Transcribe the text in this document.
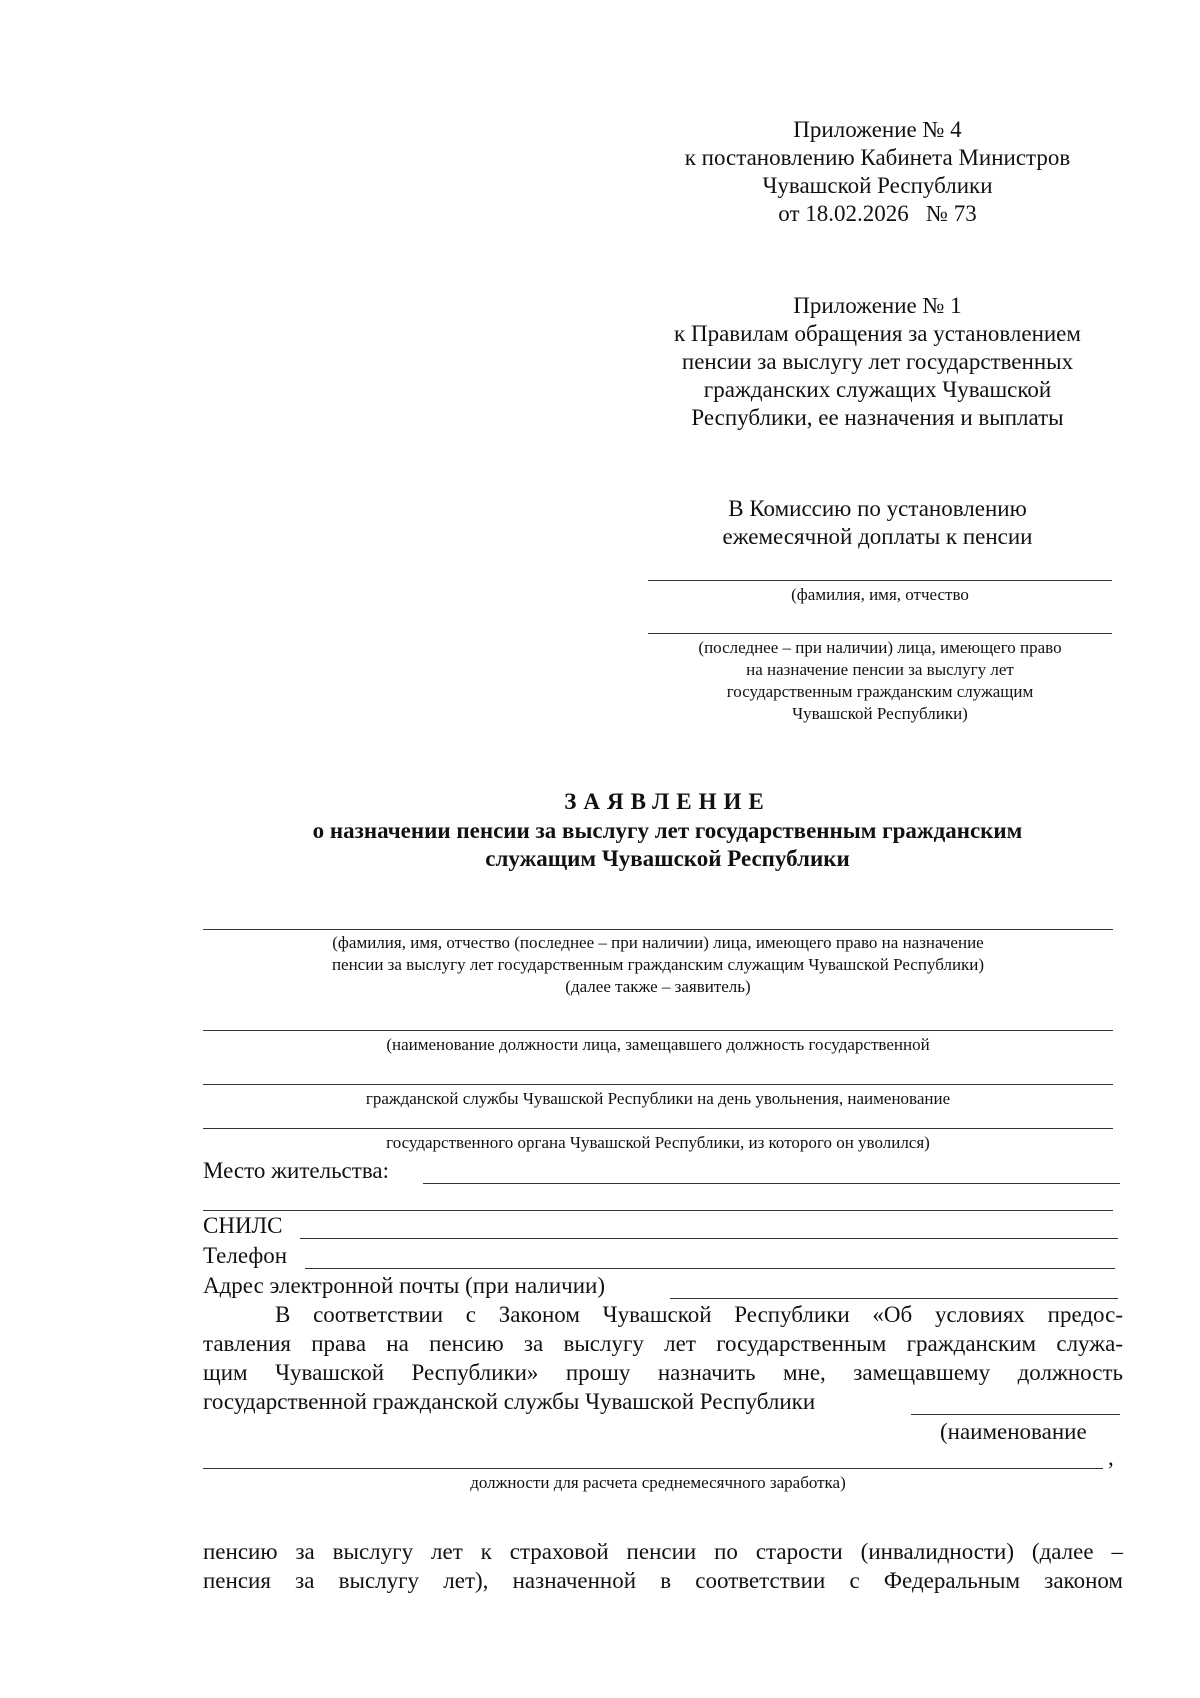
Приложение № 4
к постановлению Кабинета Министров
Чувашской Республики
от 18.02.2026   № 73
Приложение № 1
к Правилам обращения за установлением
пенсии за выслугу лет государственных
гражданских служащих Чувашской
Республики, ее назначения и выплаты
В Комиссию по установлению
ежемесячной доплаты к пенсии
(фамилия, имя, отчество
(последнее – при наличии) лица, имеющего право
на назначение пенсии за выслугу лет
государственным гражданским служащим
Чувашской Республики)
ЗАЯВЛЕНИЕ
о назначении пенсии за выслугу лет государственным гражданским
служащим Чувашской Республики
(фамилия, имя, отчество (последнее – при наличии) лица, имеющего право на назначение
пенсии за выслугу лет государственным гражданским служащим Чувашской Республики)
(далее также – заявитель)
(наименование должности лица, замещавшего должность государственной
гражданской службы Чувашской Республики на день увольнения, наименование
государственного органа Чувашской Республики, из которого он уволился)
Место жительства:
СНИЛС
Телефон
Адрес электронной почты (при наличии)
В соответствии с Законом Чувашской Республики «Об условиях предос-
тавления права на пенсию за выслугу лет государственным гражданским служа-
щим Чувашской Республики» прошу назначить мне, замещавшему должность
государственной гражданской службы Чувашской Республики
(наименование
,
должности для расчета среднемесячного заработка)
пенсию за выслугу лет к страховой пенсии по старости (инвалидности) (далее –
пенсия за выслугу лет), назначенной в соответствии с Федеральным законом
